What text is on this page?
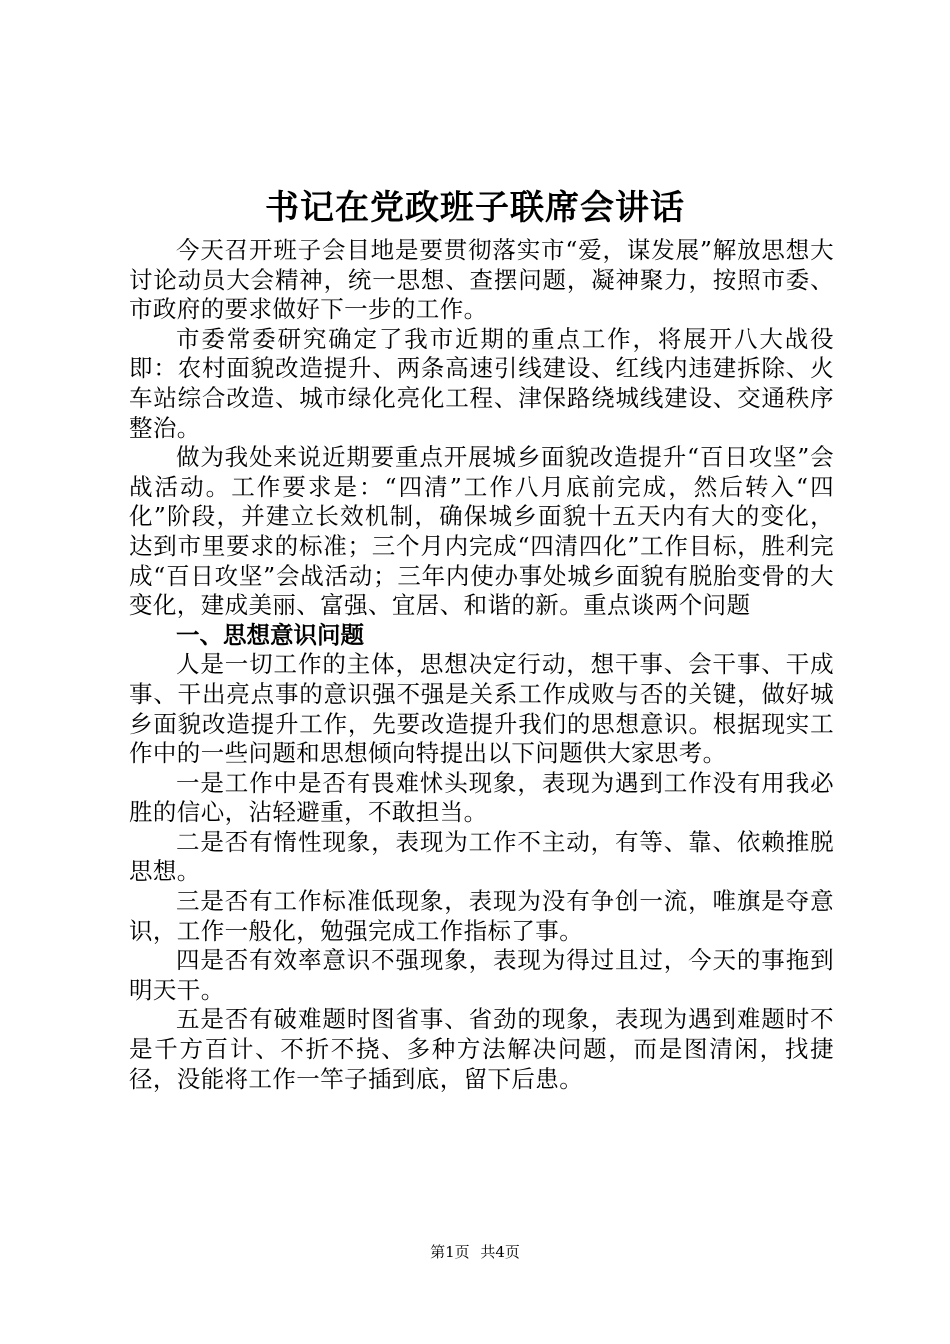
书记在党政班子联席会讲话

今天召开班子会目地是要贯彻落实市“爱，谋发展”解放思想大讨论动员大会精神，统一思想、查摆问题，凝神聚力，按照市委、市政府的要求做好下一步的工作。

市委常委研究确定了我市近期的重点工作，将展开八大战役即：农村面貌改造提升、两条高速引线建设、红线内违建拆除、火车站综合改造、城市绿化亮化工程、津保路绕城线建设、交通秩序整治。

做为我处来说近期要重点开展城乡面貌改造提升“百日攻坚”会战活动。工作要求是：“四清”工作八月底前完成，然后转入“四化”阶段，并建立长效机制，确保城乡面貌十五天内有大的变化，达到市里要求的标准；三个月内完成“四清四化”工作目标，胜利完成“百日攻坚”会战活动；三年内使办事处城乡面貌有脱胎变骨的大变化，建成美丽、富强、宜居、和谐的新。重点谈两个问题

一、思想意识问题

人是一切工作的主体，思想决定行动，想干事、会干事、干成事、干出亮点事的意识强不强是关系工作成败与否的关键，做好城乡面貌改造提升工作，先要改造提升我们的思想意识。根据现实工作中的一些问题和思想倾向特提出以下问题供大家思考。

一是工作中是否有畏难怵头现象，表现为遇到工作没有用我必胜的信心，沾轻避重，不敢担当。

二是否有惰性现象，表现为工作不主动，有等、靠、依赖推脱思想。

三是否有工作标准低现象，表现为没有争创一流，唯旗是夺意识，工作一般化，勉强完成工作指标了事。

四是否有效率意识不强现象，表现为得过且过，今天的事拖到明天干。

五是否有破难题时图省事、省劲的现象，表现为遇到难题时不是千方百计、不折不挠、多种方法解决问题，而是图清闲，找捷径，没能将工作一竿子插到底，留下后患。

第1页 共4页
